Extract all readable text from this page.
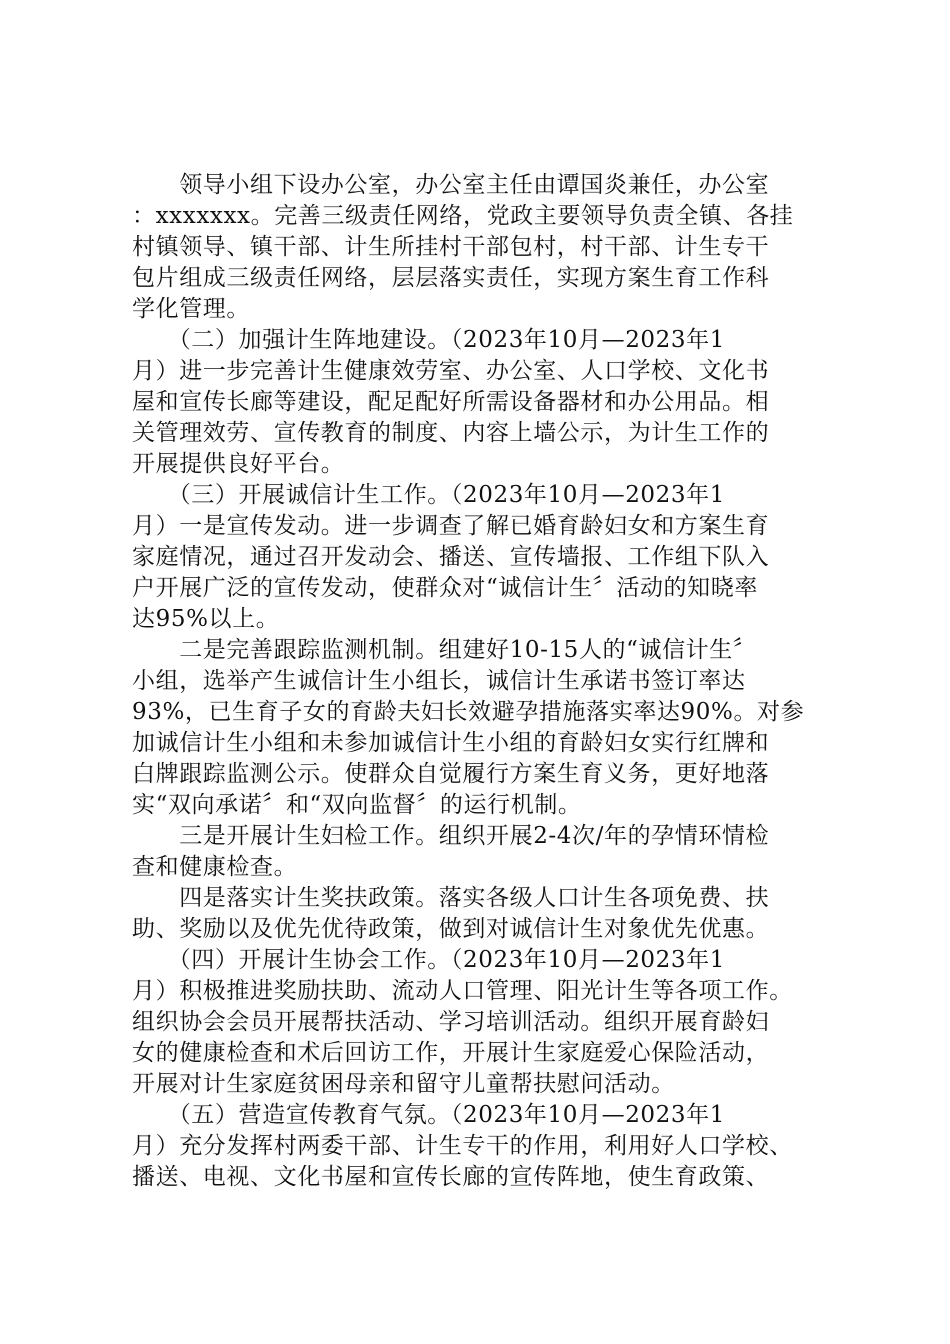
　　领导小组下设办公室，办公室主任由谭国炎兼任，办公室
：xxxxxxx。完善三级责任网络，党政主要领导负责全镇、各挂
村镇领导、镇干部、计生所挂村干部包村，村干部、计生专干
包片组成三级责任网络，层层落实责任，实现方案生育工作科
学化管理。
　　（二）加强计生阵地建设。（2023年10月—2023年1
月）进一步完善计生健康效劳室、办公室、人口学校、文化书
屋和宣传长廊等建设，配足配好所需设备器材和办公用品。相
关管理效劳、宣传教育的制度、内容上墙公示，为计生工作的
开展提供良好平台。
　　（三）开展诚信计生工作。（2023年10月—2023年1
月）一是宣传发动。进一步调查了解已婚育龄妇女和方案生育
家庭情况，通过召开发动会、播送、宣传墙报、工作组下队入
户开展广泛的宣传发动，使群众对“诚信计生〞活动的知晓率
达95%以上。
　　二是完善跟踪监测机制。组建好10-15人的“诚信计生〞
小组，选举产生诚信计生小组长，诚信计生承诺书签订率达
93%，已生育子女的育龄夫妇长效避孕措施落实率达90%。对参
加诚信计生小组和未参加诚信计生小组的育龄妇女实行红牌和
白牌跟踪监测公示。使群众自觉履行方案生育义务，更好地落
实“双向承诺〞和“双向监督〞的运行机制。
　　三是开展计生妇检工作。组织开展2-4次/年的孕情环情检
查和健康检查。
　　四是落实计生奖扶政策。落实各级人口计生各项免费、扶
助、奖励以及优先优待政策，做到对诚信计生对象优先优惠。
　　（四）开展计生协会工作。（2023年10月—2023年1
月）积极推进奖励扶助、流动人口管理、阳光计生等各项工作。
组织协会会员开展帮扶活动、学习培训活动。组织开展育龄妇
女的健康检查和术后回访工作，开展计生家庭爱心保险活动，
开展对计生家庭贫困母亲和留守儿童帮扶慰问活动。
　　（五）营造宣传教育气氛。（2023年10月—2023年1
月）充分发挥村两委干部、计生专干的作用，利用好人口学校、
播送、电视、文化书屋和宣传长廊的宣传阵地，使生育政策、
